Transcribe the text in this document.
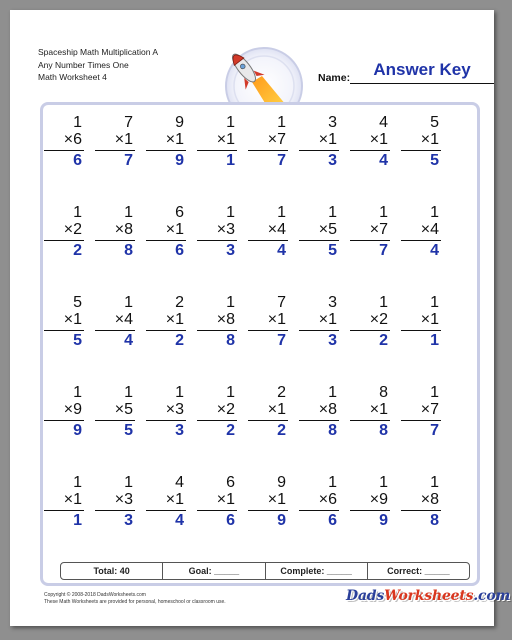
Spaceship Math Multiplication A
Any Number Times One
Math Worksheet 4	Name:	Answer Key
1
×6
6
7
×1
7
9
×1
9
1
×1
1
1
×7
7
3
×1
3
4
×1
4
5
×1
5
1
×2
2
1
×8
8
6
×1
6
1
×3
3
1
×4
4
1
×5
5
1
×7
7
1
×4
4
5
×1
5
1
×4
4
2
×1
2
1
×8
8
7
×1
7
3
×1
3
1
×2
2
1
×1
1
1
×9
9
1
×5
5
1
×3
3
1
×2
2
2
×1
2
1
×8
8
8
×1
8
1
×7
7
1
×1
1
1
×3
3
4
×1
4
6
×1
6
9
×1
9
1
×6
6
1
×9
9
1
×8
8
Total: 40	Goal: _____	Complete: _____	Correct: _____
Copyright © 2008-2018 DadsWorksheets.com
These Math Worksheets are provided for personal, homeschool or classroom use.	DadsWorksheets.com
